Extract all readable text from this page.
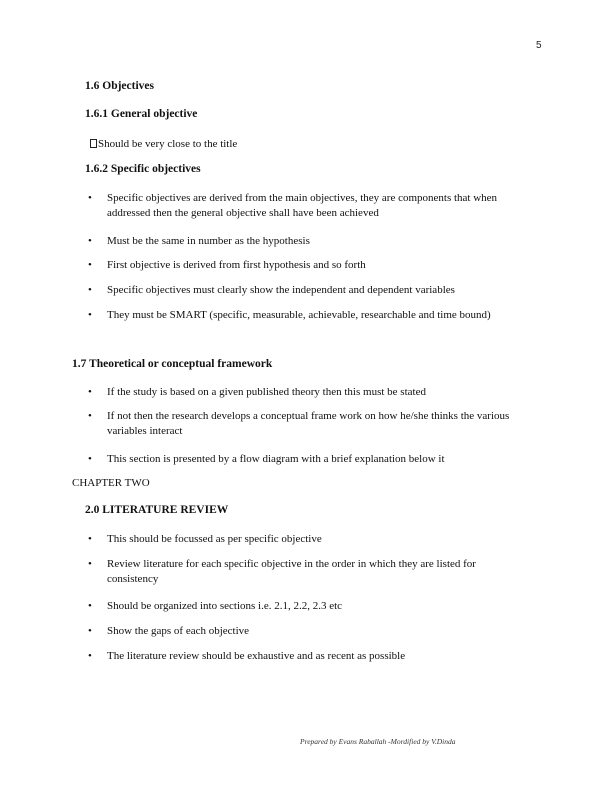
5
1.6 Objectives
1.6.1 General objective
Should be very close to the title
1.6.2 Specific objectives
•	Specific objectives are derived from the main objectives, they are components that when addressed then the general objective shall have been achieved
•	Must be the same in number as the hypothesis
•	First objective is derived from first hypothesis and so forth
•	Specific objectives must clearly show the independent and dependent variables
•	They must be SMART (specific, measurable, achievable, researchable and time bound)
1.7 Theoretical or conceptual framework
•	If the study is based on a given published theory then this must be stated
•	If not then the research develops a conceptual frame work on how he/she thinks the various variables interact
•	This section is presented by a flow diagram with a brief explanation below it
CHAPTER TWO
2.0 LITERATURE REVIEW
•	This should be focussed as per specific objective
•	Review literature for each specific objective in the order in which they are listed for consistency
•	Should be organized into sections i.e. 2.1, 2.2, 2.3 etc
•	Show the gaps of each objective
•	The literature review should be exhaustive and as recent as possible
Prepared by Evans Raballah -Mordified by V.Dinda
